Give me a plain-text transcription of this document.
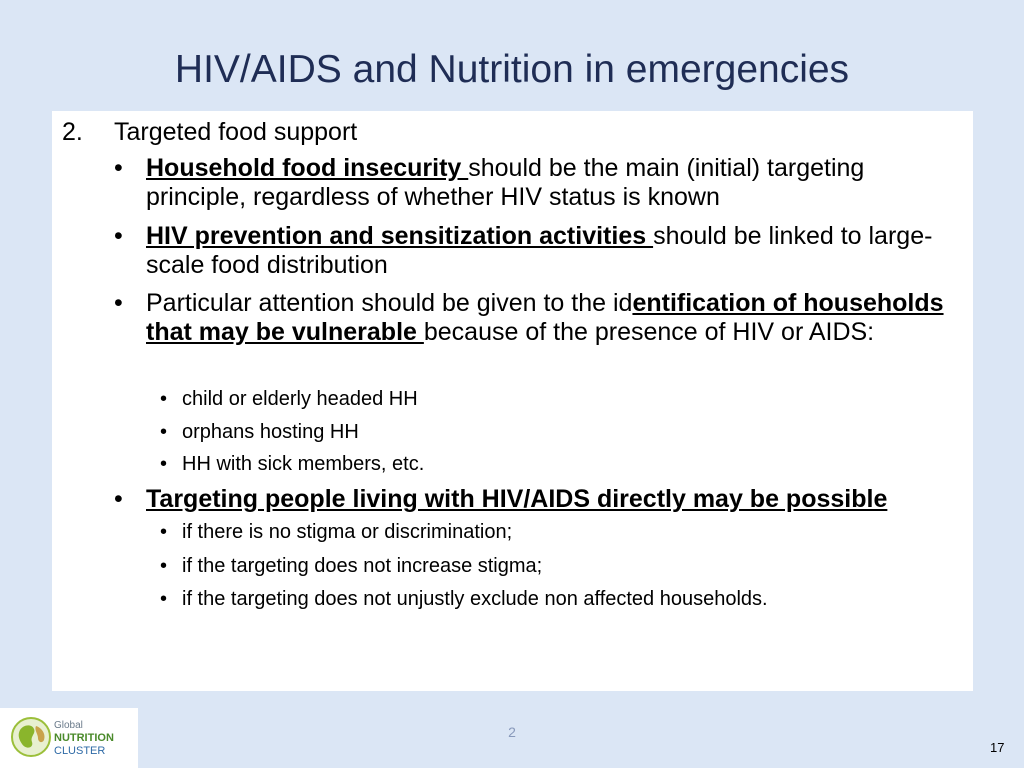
HIV/AIDS and Nutrition in emergencies
2.	Targeted food support
• Household food insecurity should be the main (initial) targeting principle, regardless of whether HIV status is known
• HIV prevention and sensitization activities should be linked to large-scale food distribution
• Particular attention should be given to the identification of households that may be vulnerable because of the presence of HIV or AIDS:
• child or elderly headed HH
• orphans hosting HH
• HH with sick members, etc.
• Targeting people living with HIV/AIDS directly may be possible
• if there is no stigma or discrimination;
• if the targeting does not increase stigma;
• if the targeting does not unjustly exclude non affected households.
Global
NUTRITION
CLUSTER
2
17
